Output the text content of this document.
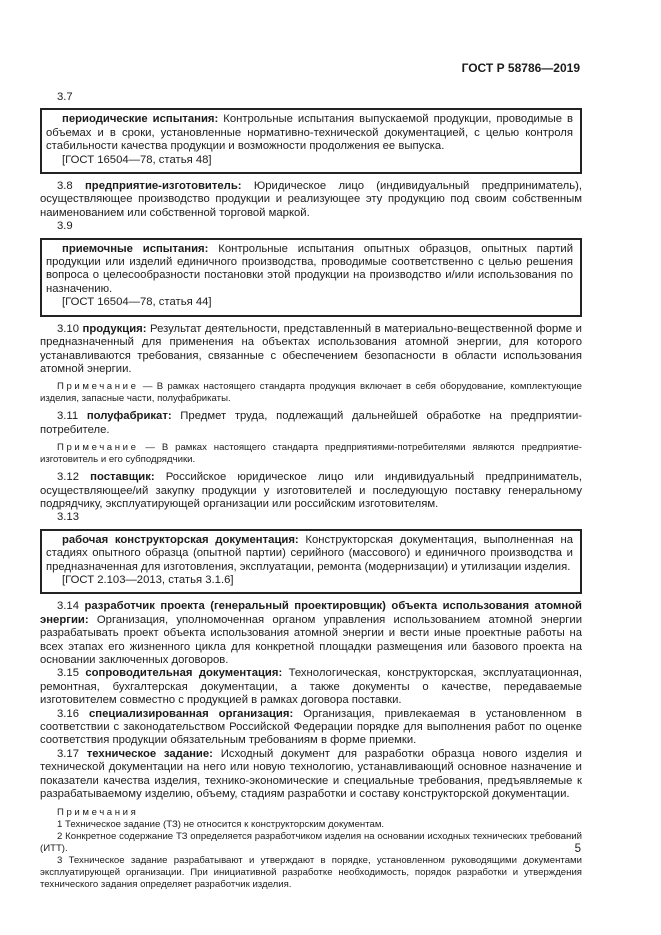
ГОСТ Р 58786—2019

3.7

периодические испытания: Контрольные испытания выпускаемой продукции, проводимые в объемах и в сроки, установленные нормативно-технической документацией, с целью контроля стабильности качества продукции и возможности продолжения ее выпуска.

[ГОСТ 16504—78, статья 48]

3.8 предприятие-изготовитель: Юридическое лицо (индивидуальный предприниматель), осуществляющее производство продукции и реализующее эту продукцию под своим собственным наименованием или собственной торговой маркой.

3.9

приемочные испытания: Контрольные испытания опытных образцов, опытных партий продукции или изделий единичного производства, проводимые соответственно с целью решения вопроса о целесообразности постановки этой продукции на производство и/или использования по назначению.

[ГОСТ 16504—78, статья 44]

3.10 продукция: Результат деятельности, представленный в материально-вещественной форме и предназначенный для применения на объектах использования атомной энергии, для которого устанавливаются требования, связанные с обеспечением безопасности в области использования атомной энергии.

Примечание — В рамках настоящего стандарта продукция включает в себя оборудование, комплектующие изделия, запасные части, полуфабрикаты.

3.11 полуфабрикат: Предмет труда, подлежащий дальнейшей обработке на предприятии-потребителе.

Примечание — В рамках настоящего стандарта предприятиями-потребителями являются предприятие-изготовитель и его субподрядчики.

3.12 поставщик: Российское юридическое лицо или индивидуальный предприниматель, осуществляющее/ий закупку продукции у изготовителей и последующую поставку генеральному подрядчику, эксплуатирующей организации или российским изготовителям.

3.13

рабочая конструкторская документация: Конструкторская документация, выполненная на стадиях опытного образца (опытной партии) серийного (массового) и единичного производства и предназначенная для изготовления, эксплуатации, ремонта (модернизации) и утилизации изделия.

[ГОСТ 2.103—2013, статья 3.1.6]

3.14 разработчик проекта (генеральный проектировщик) объекта использования атомной энергии: Организация, уполномоченная органом управления использованием атомной энергии разрабатывать проект объекта использования атомной энергии и вести иные проектные работы на всех этапах его жизненного цикла для конкретной площадки размещения или базового проекта на основании заключенных договоров.

3.15 сопроводительная документация: Технологическая, конструкторская, эксплуатационная, ремонтная, бухгалтерская документации, а также документы о качестве, передаваемые изготовителем совместно с продукцией в рамках договора поставки.

3.16 специализированная организация: Организация, привлекаемая в установленном в соответствии с законодательством Российской Федерации порядке для выполнения работ по оценке соответствия продукции обязательным требованиям в форме приемки.

3.17 техническое задание: Исходный документ для разработки образца нового изделия и технической документации на него или новую технологию, устанавливающий основное назначение и показатели качества изделия, технико-экономические и специальные требования, предъявляемые к разрабатываемому изделию, объему, стадиям разработки и составу конструкторской документации.

Примечания

1 Техническое задание (ТЗ) не относится к конструкторским документам.

2 Конкретное содержание ТЗ определяется разработчиком изделия на основании исходных технических требований (ИТТ).

3 Техническое задание разрабатывают и утверждают в порядке, установленном руководящими документами эксплуатирующей организации. При инициативной разработке необходимость, порядок разработки и утверждения технического задания определяет разработчик изделия.

5
